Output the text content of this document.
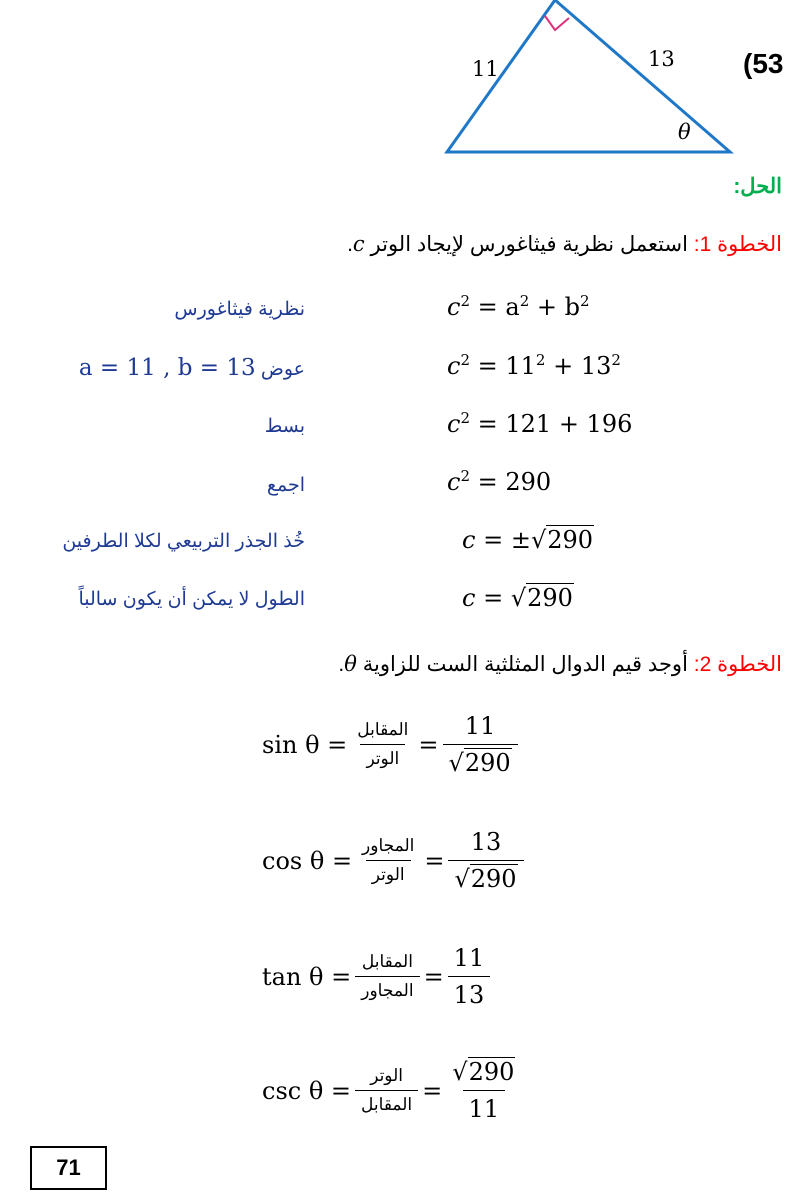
11	13
θ
(53
الحل:
الخطوة 1: استعمل نظرية فيثاغورس لإيجاد الوتر c.
نظرية فيثاغورس
a = 11 , b = 13 عوض
بسط
اجمع
خُذ الجذر التربيعي لكلا الطرفين
الطول لا يمكن أن يكون سالباً
$c^2 = a^2 + b^2$
$c^2 = 11^2 + 13^2$
$c^2 = 121 + 196$
$c^2 = 290$
c = ±√290
c = √290
الخطوة 2: أوجد قيم الدوال المثلثية الست للزاوية θ.
sin θ
= $\frac{\text{المقابل}}{\text{الوتر}} = \frac{11}{√290}$
cos θ
= $\frac{\text{المجاور}}{\text{الوتر}} = \frac{13}{√290}$
tan θ
= $\frac{\text{المقابل}}{\text{المجاور}} = \frac{11}{13}$
csc θ
= $\frac{\text{الوتر}}{\text{المقابل}} = \frac{√290}{11}$
71
